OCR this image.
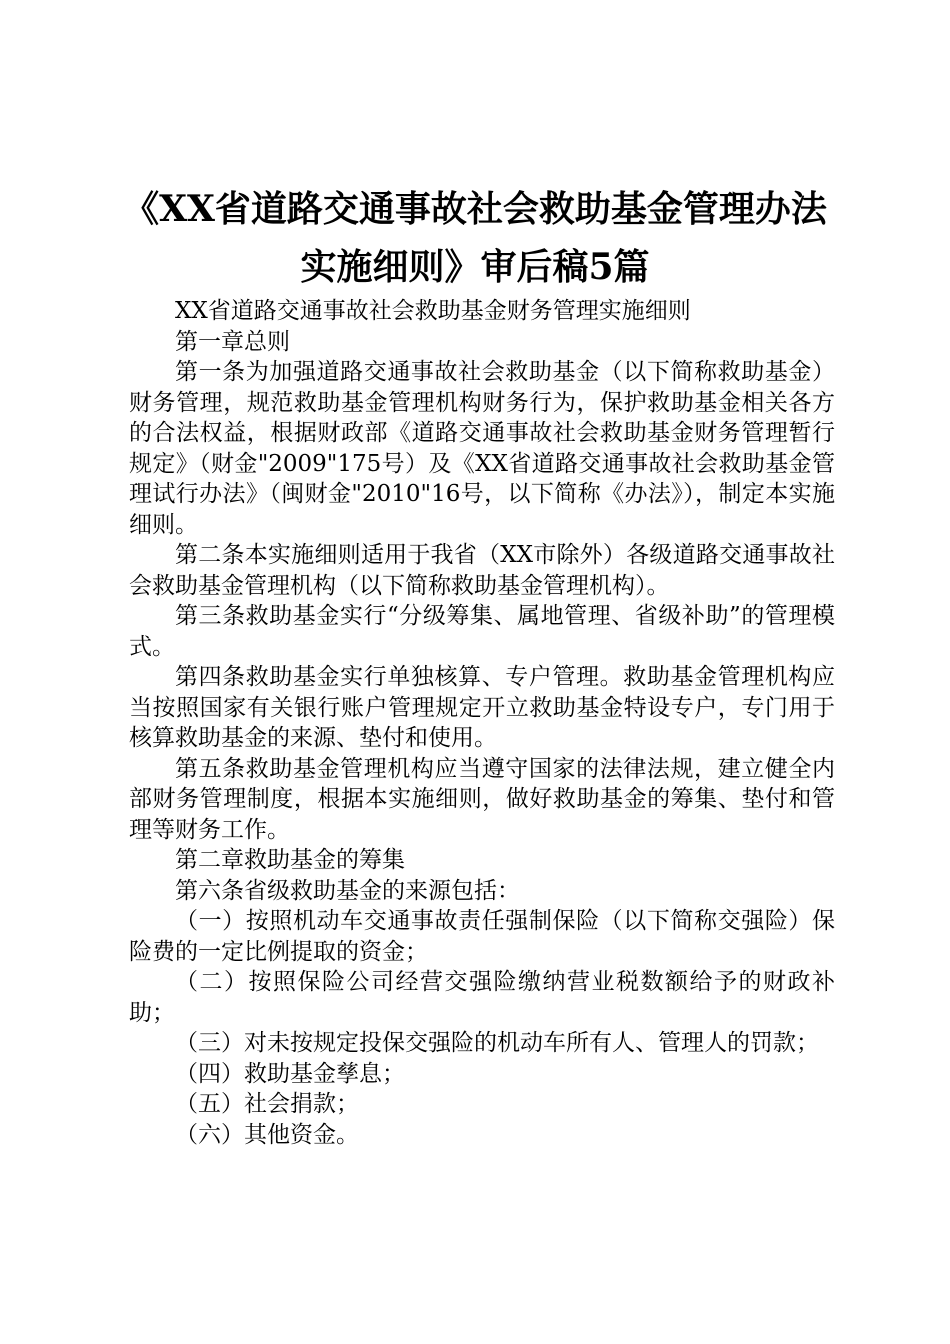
《XX省道路交通事故社会救助基金管理办法
实施细则》审后稿5篇

XX省道路交通事故社会救助基金财务管理实施细则

第一章总则

第一条为加强道路交通事故社会救助基金（以下简称救助基金）财务管理，规范救助基金管理机构财务行为，保护救助基金相关各方的合法权益，根据财政部《道路交通事故社会救助基金财务管理暂行规定》（财金"2009"175号）及《XX省道路交通事故社会救助基金管理试行办法》（闽财金"2010"16号，以下简称《办法》），制定本实施细则。

第二条本实施细则适用于我省（XX市除外）各级道路交通事故社会救助基金管理机构（以下简称救助基金管理机构）。

第三条救助基金实行“分级筹集、属地管理、省级补助”的管理模式。

第四条救助基金实行单独核算、专户管理。救助基金管理机构应当按照国家有关银行账户管理规定开立救助基金特设专户，专门用于核算救助基金的来源、垫付和使用。

第五条救助基金管理机构应当遵守国家的法律法规，建立健全内部财务管理制度，根据本实施细则，做好救助基金的筹集、垫付和管理等财务工作。

第二章救助基金的筹集

第六条省级救助基金的来源包括：

（一）按照机动车交通事故责任强制保险（以下简称交强险）保险费的一定比例提取的资金；

（二）按照保险公司经营交强险缴纳营业税数额给予的财政补助；

（三）对未按规定投保交强险的机动车所有人、管理人的罚款；

（四）救助基金孳息；

（五）社会捐款；

（六）其他资金。
